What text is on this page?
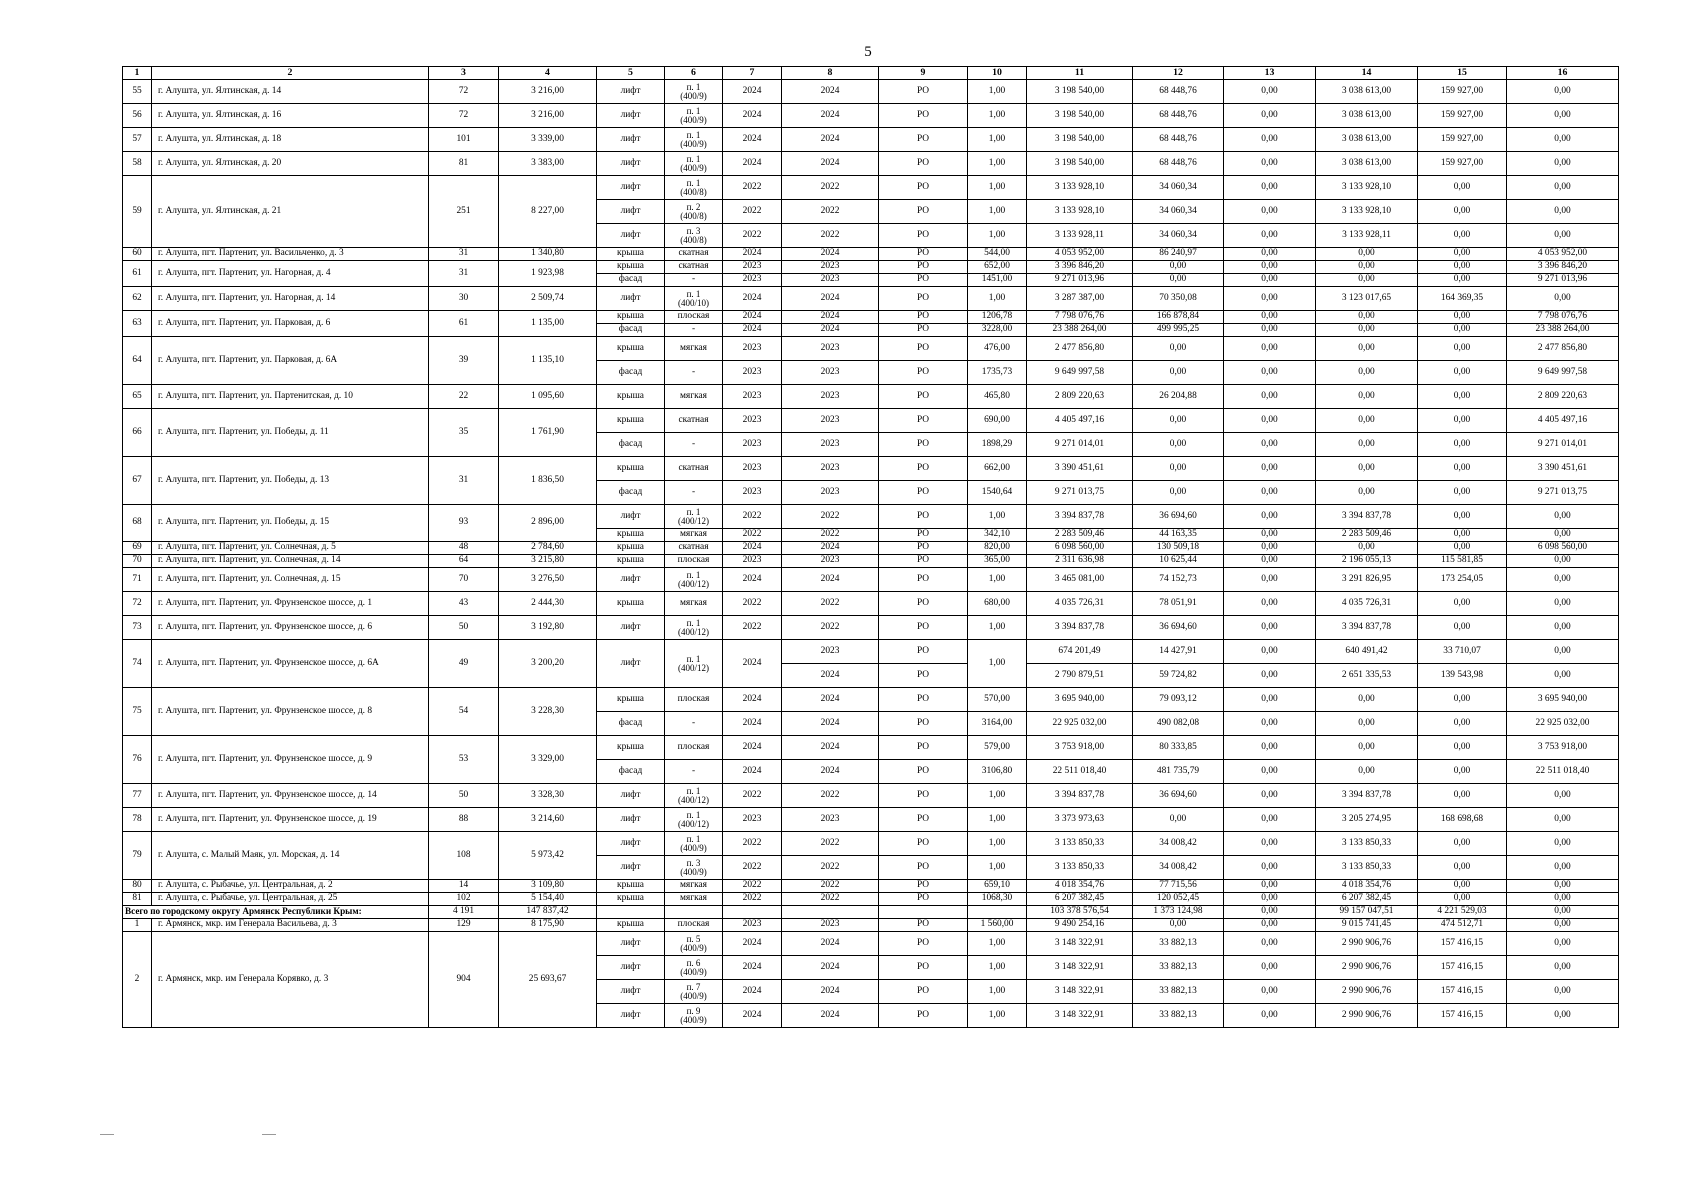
5
1	2	3	4	5	6	7	8	9	10	11	12	13	14	15	16
55	г. Алушта, ул. Ялтинская, д. 14	72	3 216,00	лифт	п. 1
(400/9)	2024	2024	РО	1,00	3 198 540,00	68 448,76	0,00	3 038 613,00	159 927,00	0,00
56	г. Алушта, ул. Ялтинская, д. 16	72	3 216,00	лифт	п. 1
(400/9)	2024	2024	РО	1,00	3 198 540,00	68 448,76	0,00	3 038 613,00	159 927,00	0,00
57	г. Алушта, ул. Ялтинская, д. 18	101	3 339,00	лифт	п. 1
(400/9)	2024	2024	РО	1,00	3 198 540,00	68 448,76	0,00	3 038 613,00	159 927,00	0,00
58	г. Алушта, ул. Ялтинская, д. 20	81	3 383,00	лифт	п. 1
(400/9)	2024	2024	РО	1,00	3 198 540,00	68 448,76	0,00	3 038 613,00	159 927,00	0,00
59	г. Алушта, ул. Ялтинская, д. 21	251	8 227,00	лифт	п. 1
(400/8)	2022	2022	РО	1,00	3 133 928,10	34 060,34	0,00	3 133 928,10	0,00	0,00
				лифт	п. 2
(400/8)	2022	2022	РО	1,00	3 133 928,10	34 060,34	0,00	3 133 928,10	0,00	0,00
				лифт	п. 3
(400/8)	2022	2022	РО	1,00	3 133 928,11	34 060,34	0,00	3 133 928,11	0,00	0,00
60	г. Алушта, пгт. Партенит, ул. Васильченко, д. 3	31	1 340,80	крыша	скатная	2024	2024	РО	544,00	4 053 952,00	86 240,97	0,00	0,00	0,00	4 053 952,00
61	г. Алушта, пгт. Партенит, ул. Нагорная, д. 4	31	1 923,98	крыша	скатная	2023	2023	РО	652,00	3 396 846,20	0,00	0,00	0,00	0,00	3 396 846,20
				фасад	-	2023	2023	РО	1451,00	9 271 013,96	0,00	0,00	0,00	0,00	9 271 013,96
62	г. Алушта, пгт. Партенит, ул. Нагорная, д. 14	30	2 509,74	лифт	п. 1
(400/10)	2024	2024	РО	1,00	3 287 387,00	70 350,08	0,00	3 123 017,65	164 369,35	0,00
63	г. Алушта, пгт. Партенит, ул. Парковая, д. 6	61	1 135,00	крыша	плоская	2024	2024	РО	1206,78	7 798 076,76	166 878,84	0,00	0,00	0,00	7 798 076,76
				фасад	-	2024	2024	РО	3228,00	23 388 264,00	499 995,25	0,00	0,00	0,00	23 388 264,00
64	г. Алушта, пгт. Партенит, ул. Парковая, д. 6А	39	1 135,10	крыша	мягкая	2023	2023	РО	476,00	2 477 856,80	0,00	0,00	0,00	0,00	2 477 856,80
				фасад	-	2023	2023	РО	1735,73	9 649 997,58	0,00	0,00	0,00	0,00	9 649 997,58
65	г. Алушта, пгт. Партенит, ул. Партенитская, д. 10	22	1 095,60	крыша	мягкая	2023	2023	РО	465,80	2 809 220,63	26 204,88	0,00	0,00	0,00	2 809 220,63
66	г. Алушта, пгт. Партенит, ул. Победы, д. 11	35	1 761,90	крыша	скатная	2023	2023	РО	690,00	4 405 497,16	0,00	0,00	0,00	0,00	4 405 497,16
				фасад	-	2023	2023	РО	1898,29	9 271 014,01	0,00	0,00	0,00	0,00	9 271 014,01
67	г. Алушта, пгт. Партенит, ул. Победы, д. 13	31	1 836,50	крыша	скатная	2023	2023	РО	662,00	3 390 451,61	0,00	0,00	0,00	0,00	3 390 451,61
				фасад	-	2023	2023	РО	1540,64	9 271 013,75	0,00	0,00	0,00	0,00	9 271 013,75
68	г. Алушта, пгт. Партенит, ул. Победы, д. 15	93	2 896,00	лифт	п. 1
(400/12)	2022	2022	РО	1,00	3 394 837,78	36 694,60	0,00	3 394 837,78	0,00	0,00
				крыша	мягкая	2022	2022	РО	342,10	2 283 509,46	44 163,35	0,00	2 283 509,46	0,00	0,00
69	г. Алушта, пгт. Партенит, ул. Солнечная, д. 5	48	2 784,60	крыша	скатная	2024	2024	РО	820,00	6 098 560,00	130 509,18	0,00	0,00	0,00	6 098 560,00
70	г. Алушта, пгт. Партенит, ул. Солнечная, д. 14	64	3 215,80	крыша	плоская	2023	2023	РО	365,00	2 311 636,98	10 625,44	0,00	2 196 055,13	115 581,85	0,00
71	г. Алушта, пгт. Партенит, ул. Солнечная, д. 15	70	3 276,50	лифт	п. 1
(400/12)	2024	2024	РО	1,00	3 465 081,00	74 152,73	0,00	3 291 826,95	173 254,05	0,00
72	г. Алушта, пгт. Партенит, ул. Фрунзенское шоссе, д. 1	43	2 444,30	крыша	мягкая	2022	2022	РО	680,00	4 035 726,31	78 051,91	0,00	4 035 726,31	0,00	0,00
73	г. Алушта, пгт. Партенит, ул. Фрунзенское шоссе, д. 6	50	3 192,80	лифт	п. 1
(400/12)	2022	2022	РО	1,00	3 394 837,78	36 694,60	0,00	3 394 837,78	0,00	0,00
74	г. Алушта, пгт. Партенит, ул. Фрунзенское шоссе, д. 6А	49	3 200,20	лифт	п. 1
(400/12)	2024	2023	РО	1,00	674 201,49	14 427,91	0,00	640 491,42	33 710,07	0,00
							2024	РО		2 790 879,51	59 724,82	0,00	2 651 335,53	139 543,98	0,00
75	г. Алушта, пгт. Партенит, ул. Фрунзенское шоссе, д. 8	54	3 228,30	крыша	плоская	2024	2024	РО	570,00	3 695 940,00	79 093,12	0,00	0,00	0,00	3 695 940,00
				фасад	-	2024	2024	РО	3164,00	22 925 032,00	490 082,08	0,00	0,00	0,00	22 925 032,00
76	г. Алушта, пгт. Партенит, ул. Фрунзенское шоссе, д. 9	53	3 329,00	крыша	плоская	2024	2024	РО	579,00	3 753 918,00	80 333,85	0,00	0,00	0,00	3 753 918,00
				фасад	-	2024	2024	РО	3106,80	22 511 018,40	481 735,79	0,00	0,00	0,00	22 511 018,40
77	г. Алушта, пгт. Партенит, ул. Фрунзенское шоссе, д. 14	50	3 328,30	лифт	п. 1
(400/12)	2022	2022	РО	1,00	3 394 837,78	36 694,60	0,00	3 394 837,78	0,00	0,00
78	г. Алушта, пгт. Партенит, ул. Фрунзенское шоссе, д. 19	88	3 214,60	лифт	п. 1
(400/12)	2023	2023	РО	1,00	3 373 973,63	0,00	0,00	3 205 274,95	168 698,68	0,00
79	г. Алушта, с. Малый Маяк, ул. Морская, д. 14	108	5 973,42	лифт	п. 1
(400/9)	2022	2022	РО	1,00	3 133 850,33	34 008,42	0,00	3 133 850,33	0,00	0,00
				лифт	п. 3
(400/9)	2022	2022	РО	1,00	3 133 850,33	34 008,42	0,00	3 133 850,33	0,00	0,00
80	г. Алушта, с. Рыбачье, ул. Центральная, д. 2	14	3 109,80	крыша	мягкая	2022	2022	РО	659,10	4 018 354,76	77 715,56	0,00	4 018 354,76	0,00	0,00
81	г. Алушта, с. Рыбачье, ул. Центральная, д. 25	102	5 154,40	крыша	мягкая	2022	2022	РО	1068,30	6 207 382,45	120 052,45	0,00	6 207 382,45	0,00	0,00
Всего по городскому округу Армянск Республики Крым:		4 191	147 837,42							103 378 576,54	1 373 124,98	0,00	99 157 047,51	4 221 529,03	0,00
1	г. Армянск, мкр. им Генерала Васильева, д. 3	129	8 175,90	крыша	плоская	2023	2023	РО	1 560,00	9 490 254,16	0,00	0,00	9 015 741,45	474 512,71	0,00
2	г. Армянск, мкр. им Генерала Корявко, д. 3	904	25 693,67	лифт	п. 5
(400/9)	2024	2024	РО	1,00	3 148 322,91	33 882,13	0,00	2 990 906,76	157 416,15	0,00
				лифт	п. 6
(400/9)	2024	2024	РО	1,00	3 148 322,91	33 882,13	0,00	2 990 906,76	157 416,15	0,00
				лифт	п. 7
(400/9)	2024	2024	РО	1,00	3 148 322,91	33 882,13	0,00	2 990 906,76	157 416,15	0,00
				лифт	п. 9
(400/9)	2024	2024	РО	1,00	3 148 322,91	33 882,13	0,00	2 990 906,76	157 416,15	0,00
